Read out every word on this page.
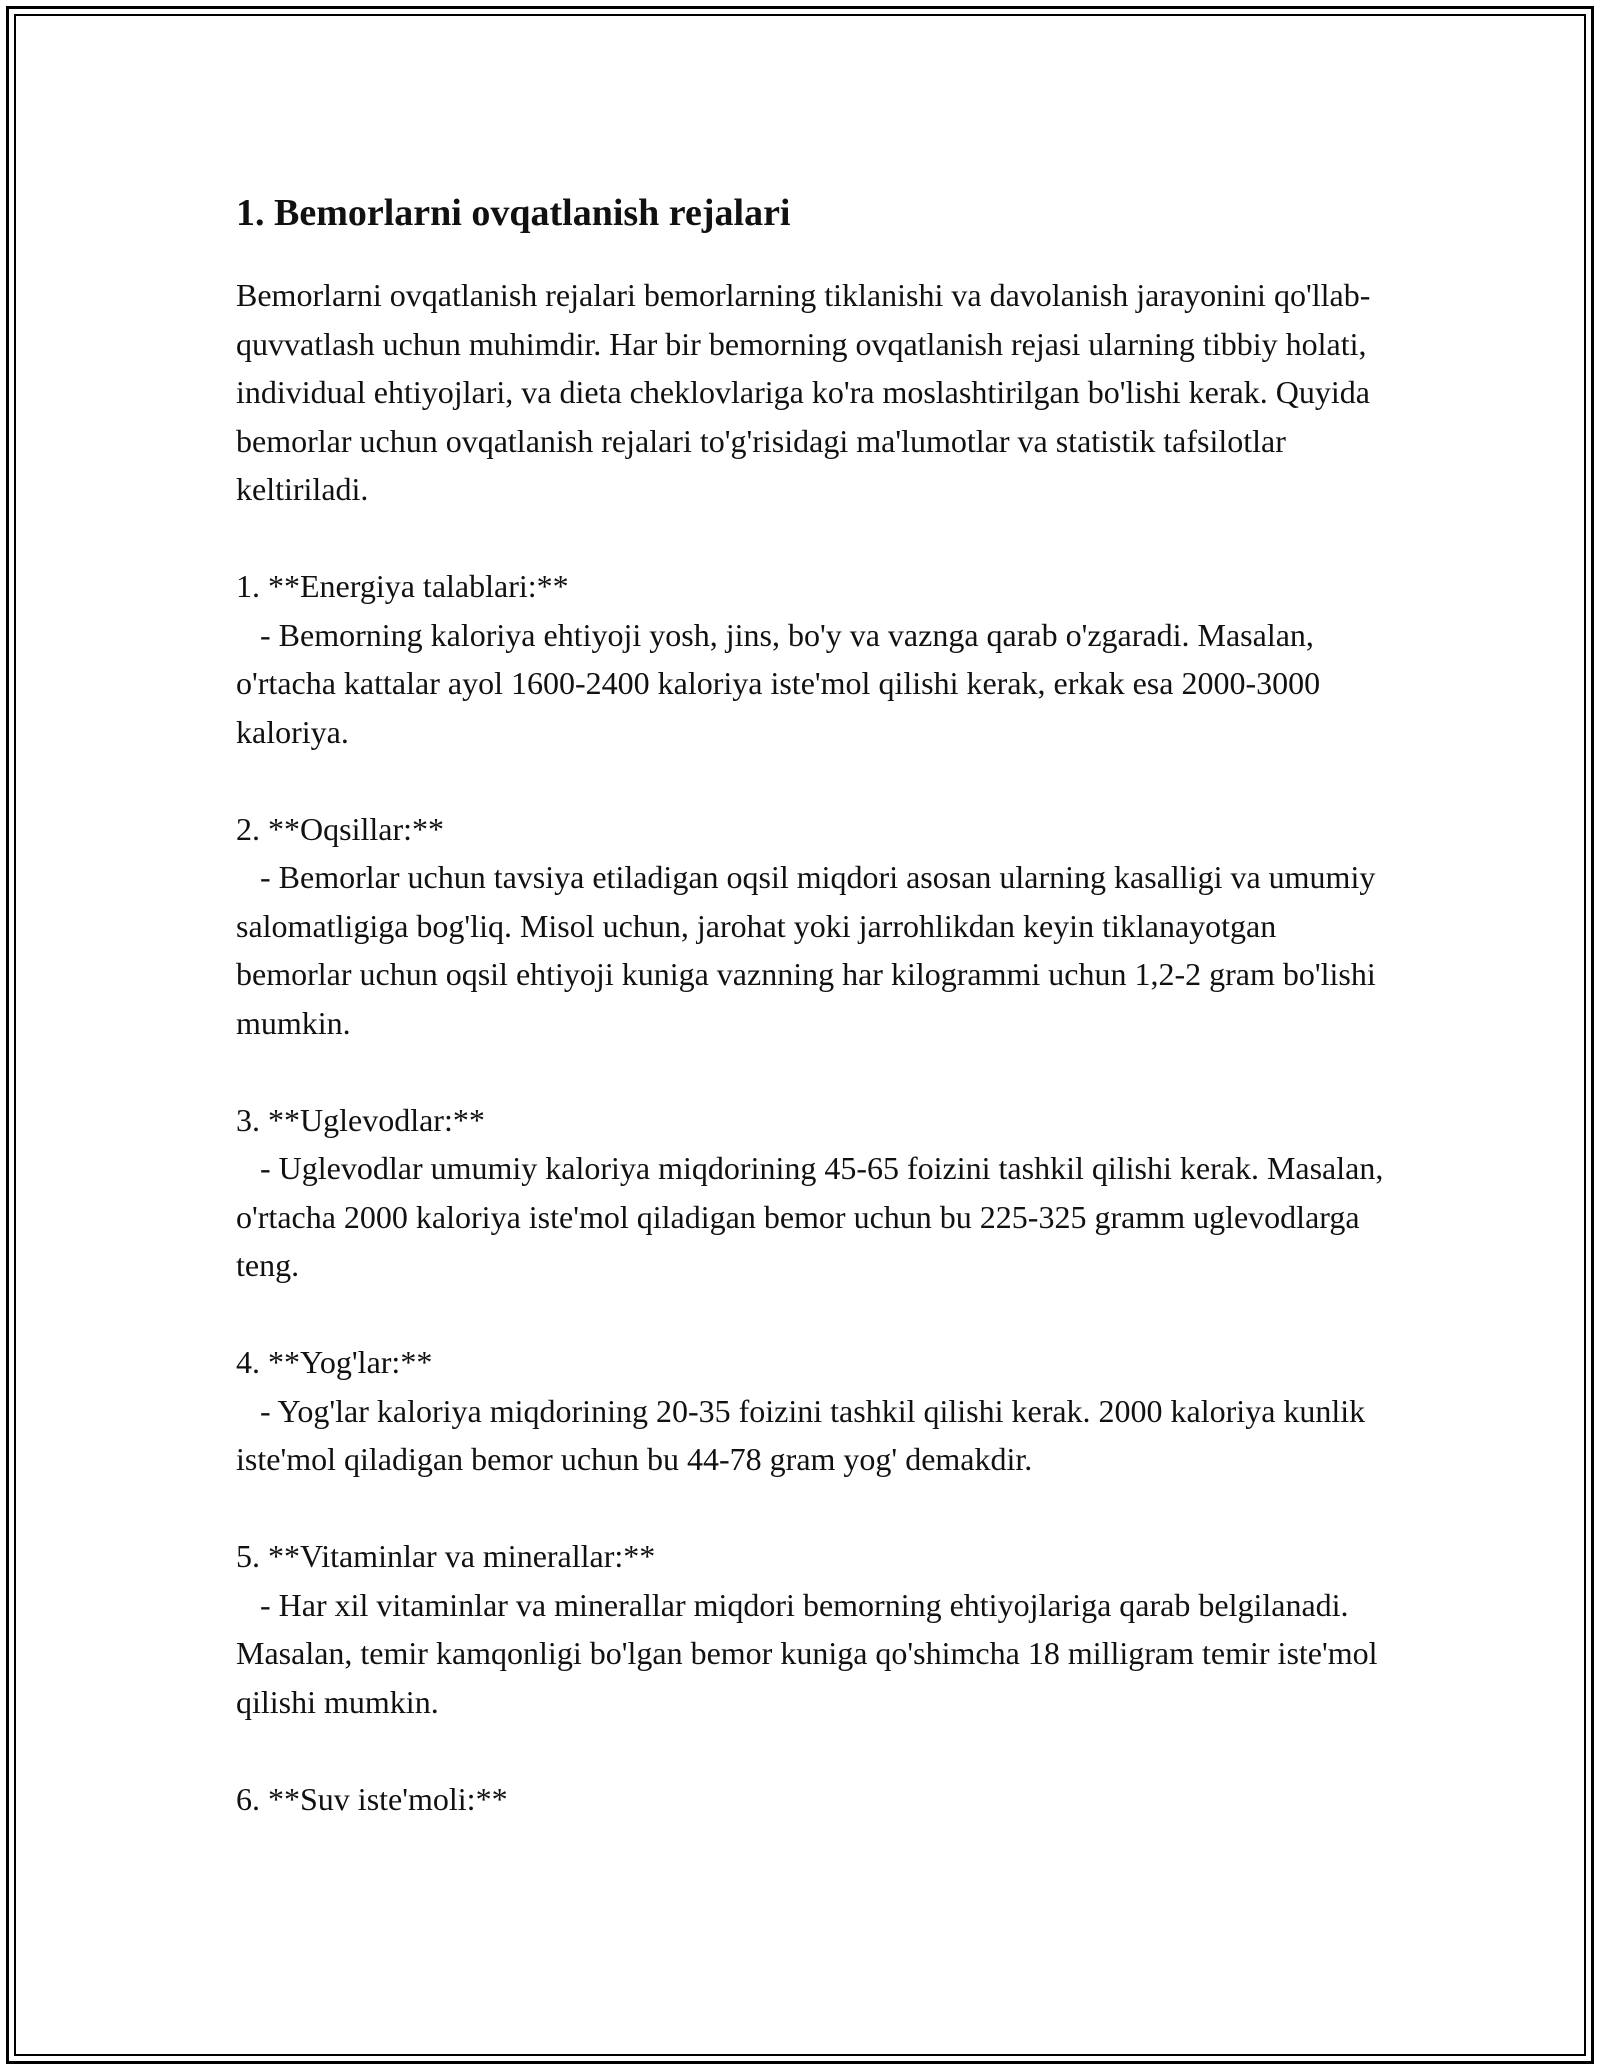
1. Bemorlarni ovqatlanish rejalari

Bemorlarni ovqatlanish rejalari bemorlarning tiklanishi va davolanish jarayonini qo'llab-quvvatlash uchun muhimdir. Har bir bemorning ovqatlanish rejasi ularning tibbiy holati, individual ehtiyojlari, va dieta cheklovlariga ko'ra moslashtirilgan bo'lishi kerak. Quyida bemorlar uchun ovqatlanish rejalari to'g'risidagi ma'lumotlar va statistik tafsilotlar keltiriladi.

1. **Energiya talablari:**

- Bemorning kaloriya ehtiyoji yosh, jins, bo'y va vaznga qarab o'zgaradi. Masalan, o'rtacha kattalar ayol 1600-2400 kaloriya iste'mol qilishi kerak, erkak esa 2000-3000 kaloriya.

2. **Oqsillar:**

- Bemorlar uchun tavsiya etiladigan oqsil miqdori asosan ularning kasalligi va umumiy salomatligiga bog'liq. Misol uchun, jarohat yoki jarrohlikdan keyin tiklanayotgan bemorlar uchun oqsil ehtiyoji kuniga vaznning har kilogrammi uchun 1,2-2 gram bo'lishi mumkin.

3. **Uglevodlar:**

- Uglevodlar umumiy kaloriya miqdorining 45-65 foizini tashkil qilishi kerak. Masalan, o'rtacha 2000 kaloriya iste'mol qiladigan bemor uchun bu 225-325 gramm uglevodlarga teng.

4. **Yog'lar:**

- Yog'lar kaloriya miqdorining 20-35 foizini tashkil qilishi kerak. 2000 kaloriya kunlik iste'mol qiladigan bemor uchun bu 44-78 gram yog' demakdir.

5. **Vitaminlar va minerallar:**

- Har xil vitaminlar va minerallar miqdori bemorning ehtiyojlariga qarab belgilanadi. Masalan, temir kamqonligi bo'lgan bemor kuniga qo'shimcha 18 milligram temir iste'mol qilishi mumkin.

6. **Suv iste'moli:**
